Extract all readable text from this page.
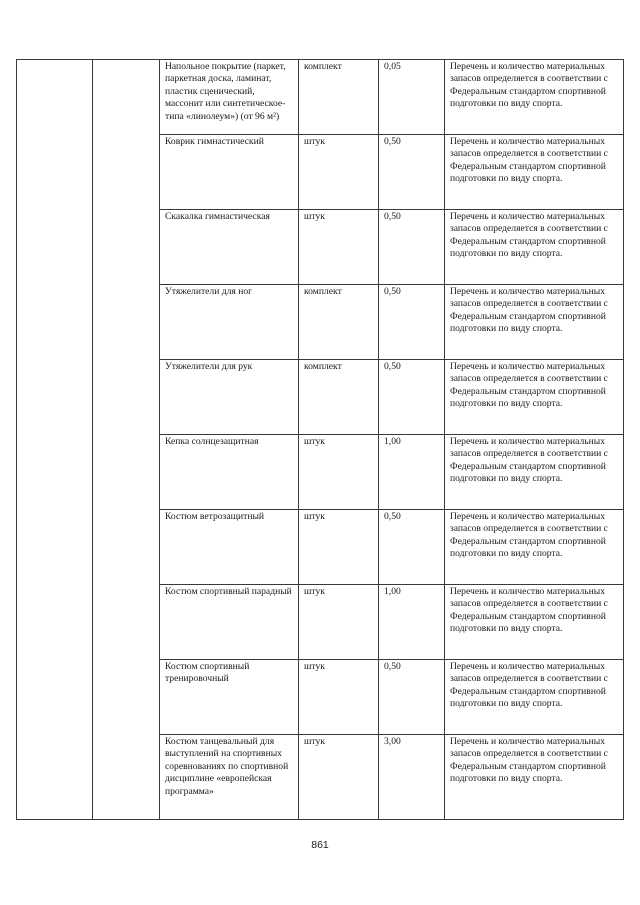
		Напольное покрытие (паркет, паркетная доска, ламинат, пластик сценический, массонит или синтетическое-типа «линолеум») (от 96 м²)	комплект	0,05	Перечень и количество материальных запасов определяется в соответствии с Федеральным стандартом спортивной подготовки по виду спорта.
		Коврик гимнастический	штук	0,50	Перечень и количество материальных запасов определяется в соответствии с Федеральным стандартом спортивной подготовки по виду спорта.
		Скакалка гимнастическая	штук	0,50	Перечень и количество материальных запасов определяется в соответствии с Федеральным стандартом спортивной подготовки по виду спорта.
		Утяжелители для ног	комплект	0,50	Перечень и количество материальных запасов определяется в соответствии с Федеральным стандартом спортивной подготовки по виду спорта.
		Утяжелители для рук	комплект	0,50	Перечень и количество материальных запасов определяется в соответствии с Федеральным стандартом спортивной подготовки по виду спорта.
		Кепка солнцезащитная	штук	1,00	Перечень и количество материальных запасов определяется в соответствии с Федеральным стандартом спортивной подготовки по виду спорта.
		Костюм ветрозащитный	штук	0,50	Перечень и количество материальных запасов определяется в соответствии с Федеральным стандартом спортивной подготовки по виду спорта.
		Костюм спортивный парадный	штук	1,00	Перечень и количество материальных запасов определяется в соответствии с Федеральным стандартом спортивной подготовки по виду спорта.
		Костюм спортивный тренировочный	штук	0,50	Перечень и количество материальных запасов определяется в соответствии с Федеральным стандартом спортивной подготовки по виду спорта.
		Костюм танцевальный для выступлений на спортивных соревнованиях по спортивной дисциплине «европейская программа»	штук	3,00	Перечень и количество материальных запасов определяется в соответствии с Федеральным стандартом спортивной подготовки по виду спорта.
861
